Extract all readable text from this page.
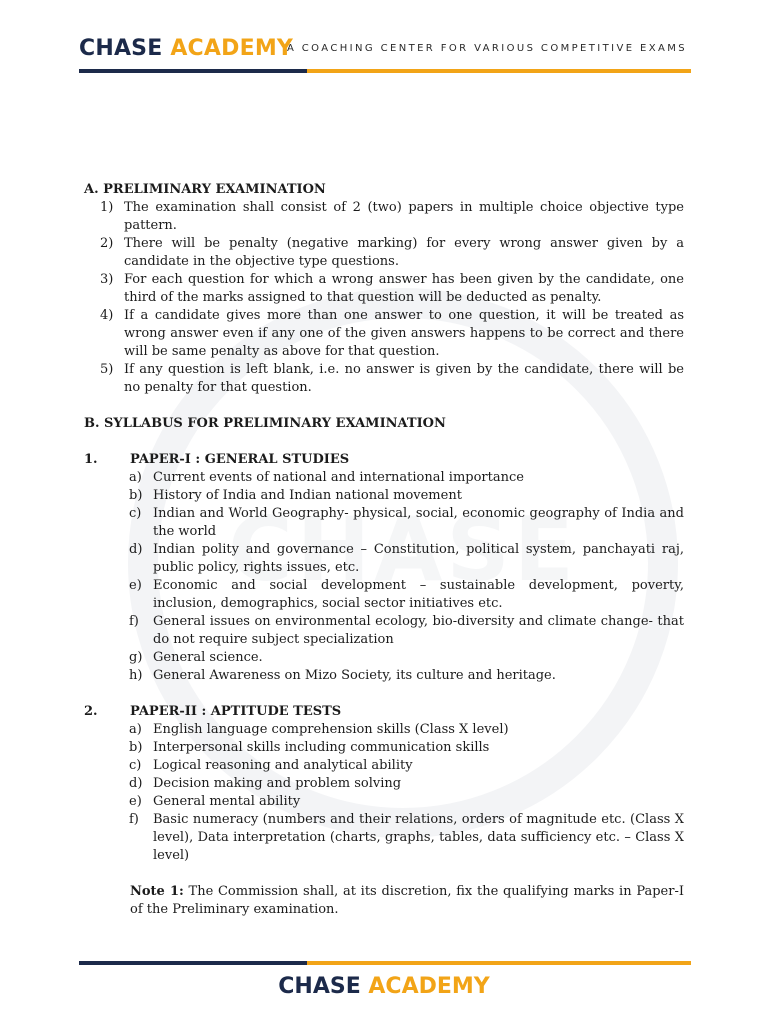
CHASE ACADEMY
A COACHING CENTER FOR VARIOUS COMPETITIVE EXAMS
A. PRELIMINARY EXAMINATION
1) The examination shall consist of 2 (two) papers in multiple choice objective type pattern.
2) There will be penalty (negative marking) for every wrong answer given by a candidate in the objective type questions.
3) For each question for which a wrong answer has been given by the candidate, one third of the marks assigned to that question will be deducted as penalty.
4) If a candidate gives more than one answer to one question, it will be treated as wrong answer even if any one of the given answers happens to be correct and there will be same penalty as above for that question.
5) If any question is left blank, i.e. no answer is given by the candidate, there will be no penalty for that question.
B. SYLLABUS FOR PRELIMINARY EXAMINATION
1. PAPER-I : GENERAL STUDIES
a) Current events of national and international importance
b) History of India and Indian national movement
c) Indian and World Geography- physical, social, economic geography of India and the world
d) Indian polity and governance – Constitution, political system, panchayati raj, public policy, rights issues, etc.
e) Economic and social development – sustainable development, poverty, inclusion, demographics, social sector initiatives etc.
f) General issues on environmental ecology, bio-diversity and climate change- that do not require subject specialization
g) General science.
h) General Awareness on Mizo Society, its culture and heritage.
2. PAPER-II : APTITUDE TESTS
a) English language comprehension skills (Class X level)
b) Interpersonal skills including communication skills
c) Logical reasoning and analytical ability
d) Decision making and problem solving
e) General mental ability
f) Basic numeracy (numbers and their relations, orders of magnitude etc. (Class X level), Data interpretation (charts, graphs, tables, data sufficiency etc. – Class X level)
Note 1: The Commission shall, at its discretion, fix the qualifying marks in Paper-I of the Preliminary examination.
CHASE ACADEMY
